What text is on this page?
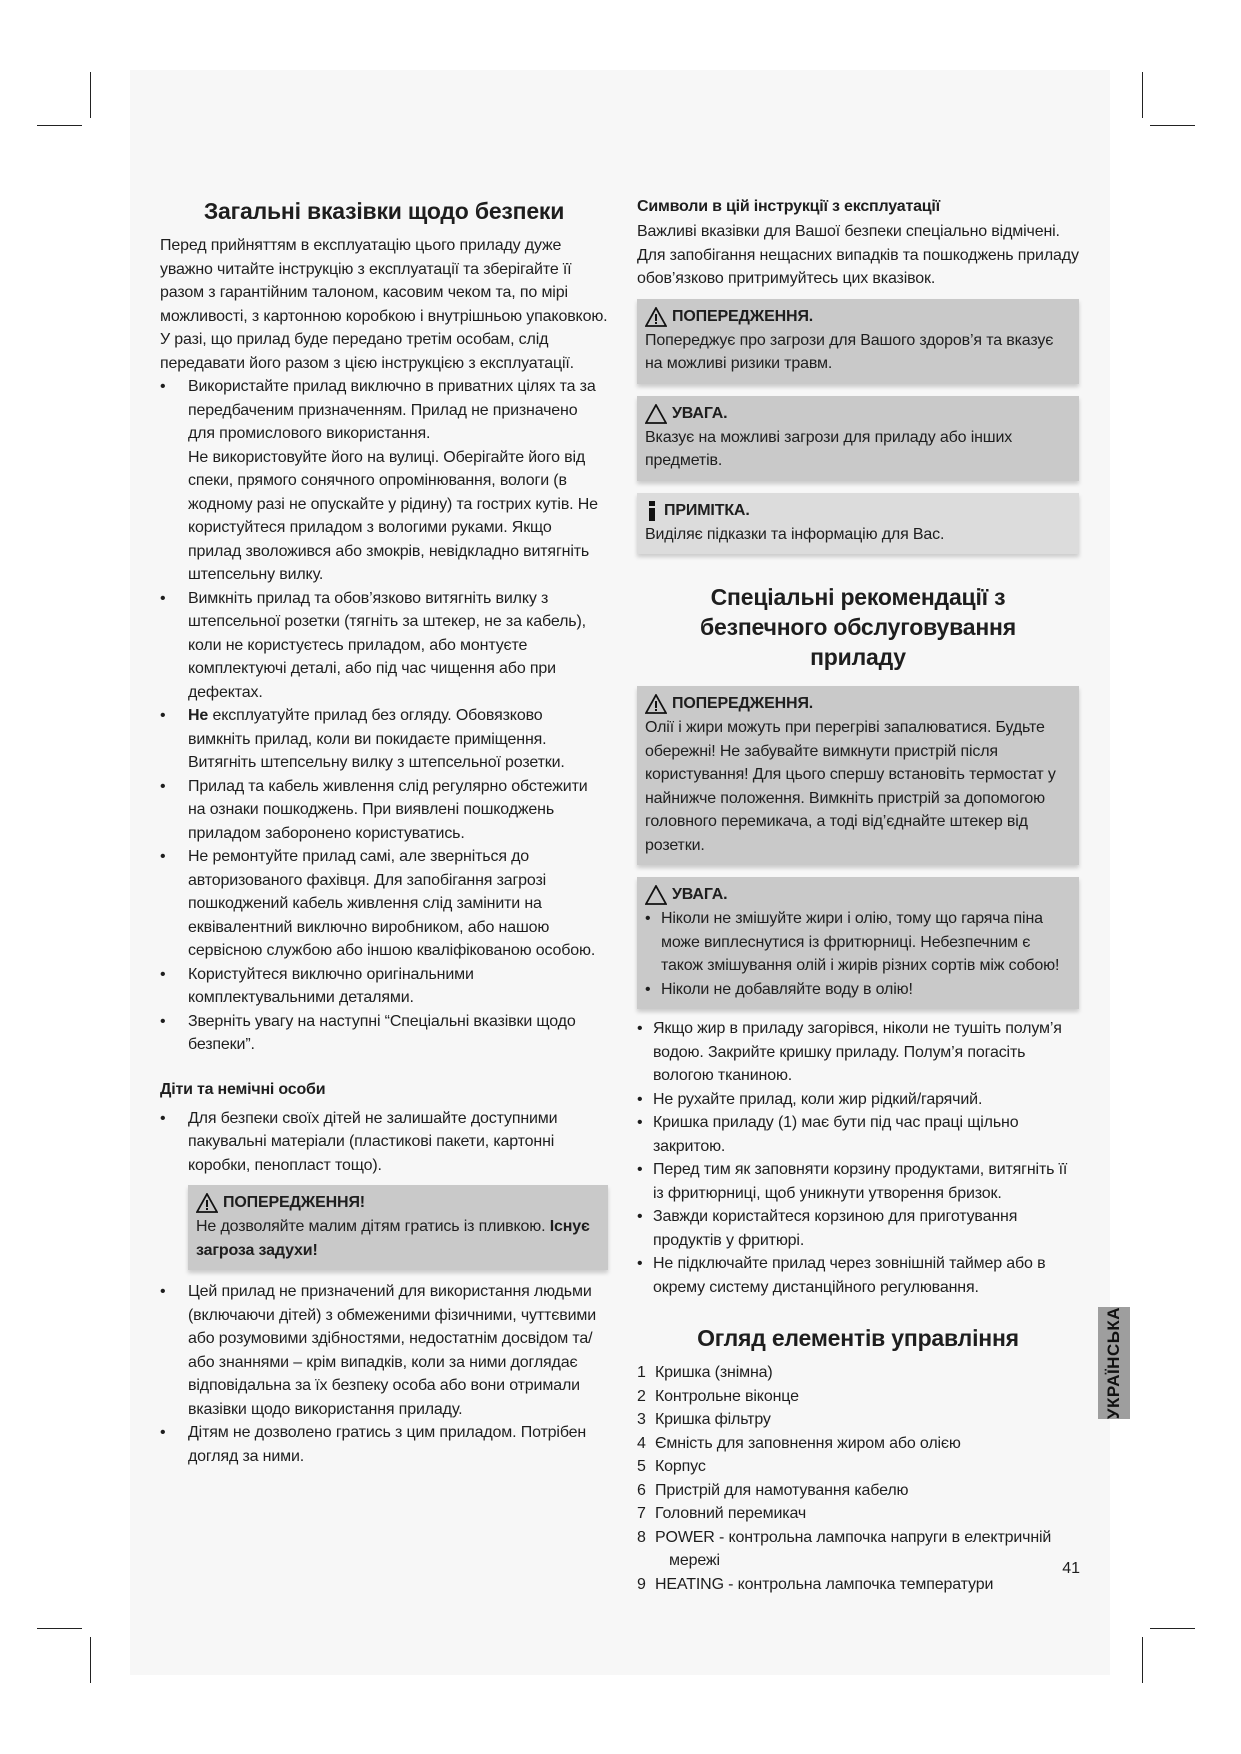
Загальні вказівки щодо безпеки

Перед прийняттям в експлуатацію цього приладу дуже уважно читайте інструкцію з експлуатації та зберігайте її разом з гарантійним талоном, касовим чеком та, по мірі можливості, з картонною коробкою і внутрішньою упаковкою. У разі, що прилад буде передано третім особам, слід передавати його разом з цією інструкцією з експлуатації.

• Використайте прилад виключно в приватних цілях та за передбаченим призначенням. Прилад не призначено для промислового використання.
Не використовуйте його на вулиці. Оберігайте його від спеки, прямого сонячного опромінювання, вологи (в жодному разі не опускайте у рідину) та гострих кутів. Не користуйтеся приладом з вологими руками. Якщо прилад зволожився або змокрів, невідкладно витягніть штепсельну вилку.
• Вимкніть прилад та обов’язково витягніть вилку з штепсельної розетки (тягніть за штекер, не за кабель), коли не користуєтесь приладом, або монтуєте комплектуючі деталі, або під час чищення або при дефектах.
• Не експлуатуйте прилад без огляду. Обовязково вимкніть прилад, коли ви покидаєте приміщення. Витягніть штепсельну вилку з штепсельної розетки.
• Прилад та кабель живлення слід регулярно обстежити на ознаки пошкоджень. При виявлені пошкоджень приладом заборонено користуватись.
• Не ремонтуйте прилад самі, але зверніться до авторизованого фахівця. Для запобігання загрозі пошкоджений кабель живлення слід замінити на еквівалентний виключно виробником, або нашою сервісною службою або іншою кваліфікованою особою.
• Користуйтеся виключно оригінальними комплектувальними деталями.
• Зверніть увагу на наступні “Спеціальні вказівки щодо безпеки”.
Діти та немічні особи
• Для безпеки своїх дітей не залишайте доступними пакувальні матеріали (пластикові пакети, картонні коробки, пенопласт тощо).
ПОПЕРЕДЖЕННЯ!

Не дозволяйте малим дітям гратись із пливкою. Існує загроза задухи!

• Цей прилад не призначений для використання людьми (включаючи дітей) з обмеженими фізичними, чуттєвими або розумовими здібностями, недостатнім досвідом та/або знаннями – крім випадків, коли за ними доглядає відповідальна за їх безпеку особа або вони отримали вказівки щодо використання приладу.
• Дітям не дозволено гратись з цим приладом. Потрібен догляд за ними.
Символи в цій інструкції з експлуатації

Важливі вказівки для Вашої безпеки спеціально відмічені. Для запобігання нещасних випадків та пошкоджень приладу обов’язково притримуйтесь цих вказівок.

ПОПЕРЕДЖЕННЯ.

Попереджує про загрози для Вашого здоров’я та вказує на можливі ризики травм.

УВАГА.

Вказує на можливі загрози для приладу або інших предметів.

ПРИМІТКА.

Виділяє підказки та інформацію для Вас.

Спеціальні рекомендації з безпечного обслуговування приладу
ПОПЕРЕДЖЕННЯ.

Олії і жири можуть при перегріві запалюватися. Будьте обережні! Не забувайте вимкнути пристрій після користування! Для цього спершу встановіть термостат у найнижче положення. Вимкніть пристрій за допомогою головного перемикача, а тоді від’єднайте штекер від розетки.

УВАГА.
• Ніколи не змішуйте жири і олію, тому що гаряча піна може виплеснутися із фритюрниці. Небезпечним є також змішування олій і жирів різних сортів між собою!
• Ніколи не добавляйте воду в олію!
• Якщо жир в приладу загорівся, ніколи не тушіть полум’я водою. Закрийте кришку приладу. Полум’я погасіть вологою тканиною.
• Не рухайте прилад, коли жир рідкий/гарячий.
• Кришка приладу (1) має бути під час праці щільно закритою.
• Перед тим як заповняти корзину продуктами, витягніть її із фритюрниці, щоб уникнути утворення бризок.
• Завжди користайтеся корзиною для приготування продуктів у фритюрі.
• Не підключайте прилад через зовнішній таймер або в окрему систему дистанційного регулювання.
Огляд елементів управління
1 Кришка (знімна)
2 Контрольне віконце
3 Кришка фільтру
4 Ємність для заповнення жиром або олією
5 Корпус
6 Пристрій для намотування кабелю
7 Головний перемикач
8 POWER - контрольна лампочка напруги в електричній
мережі
9 HEATING - контрольна лампочка температури
УКРАЇНСЬКА
41
